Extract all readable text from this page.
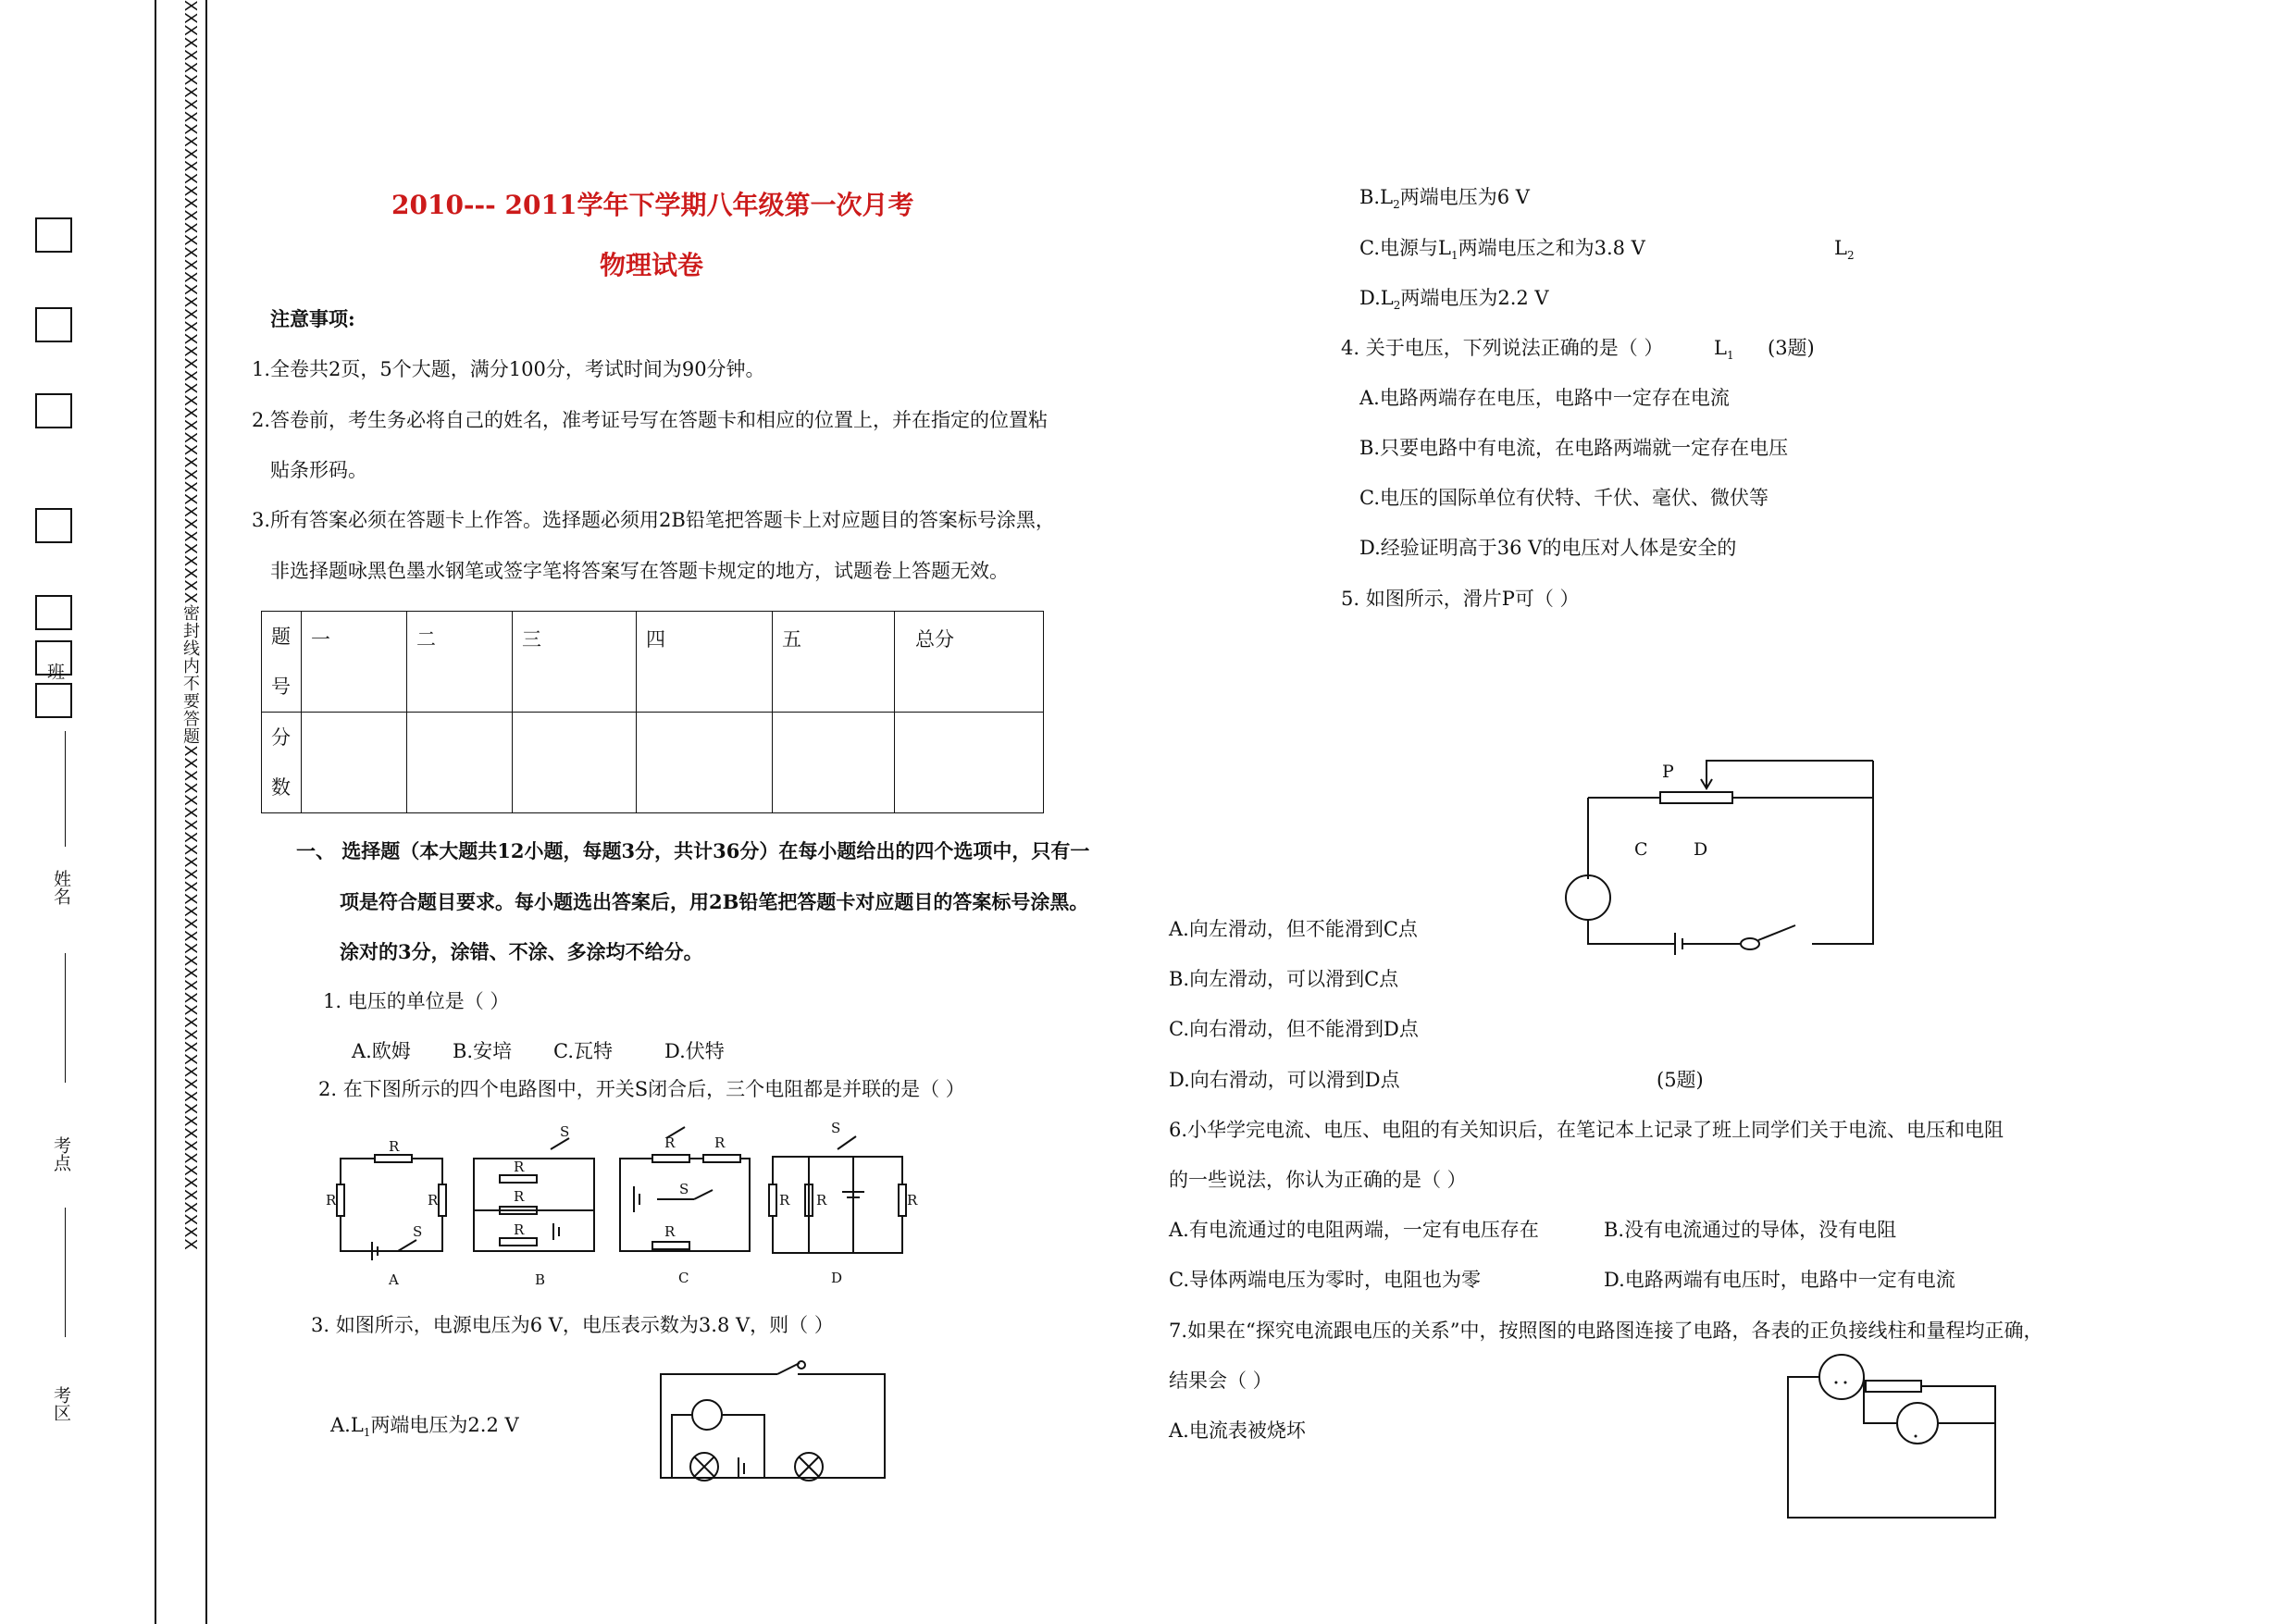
XXXXXXXXXXXXXXXXXXXXXXXXXXXXXXXXXXXXXXXXXXXXXXXXX密封线内不要答题XXXXXXXXXXXXXXXXXXXXXXXXXXXXXXXXXXXXXXXXX
班
姓名
考点
考区
2010--- 2011学年下学期八年级第一次月考
物理试卷
注意事项:
1.全卷共2页，5个大题，满分100分，考试时间为90分钟。
2.答卷前，考生务必将自己的姓名，准考证号写在答题卡和相应的位置上，并在指定的位置粘
贴条形码。
3.所有答案必须在答题卡上作答。选择题必须用2B铅笔把答题卡上对应题目的答案标号涂黑，
非选择题咏黑色墨水钢笔或签字笔将答案写在答题卡规定的地方，试题卷上答题无效。
题
号	一	二	三	四	五	总分
分
数						
一、 选择题（本大题共12小题，每题3分，共计36分）在每小题给出的四个选项中，只有一
项是符合题目要求。每小题选出答案后，用2B铅笔把答题卡对应题目的答案标号涂黑。
涂对的3分，涂错、不涂、多涂均不给分。
1. 电压的单位是（ ）
A.欧姆 B.安培 C.瓦特	D.伏特
2. 在下图所示的四个电路图中，开关S闭合后，三个电阻都是并联的是（ ）
R
R	R
S
R
R
R
S
R	R
S
R
S
R R	R
A	B	C	D
3. 如图所示，电源电压为6 V，电压表示数为3.8 V，则（ ）
$A.L_1$两端电压为2.2 V
$B.L_2$两端电压为6 V
C.电源与$L_1$两端电压之和为3.8 V	$L_2$
$D.L_2$两端电压为2.2 V
4. 关于电压，下列说法正确的是（ ）	$L_1$ (3题)
A.电路两端存在电压，电路中一定存在电流
B.只要电路中有电流，在电路两端就一定存在电压
C.电压的国际单位有伏特、千伏、毫伏、微伏等
D.经验证明高于36 V的电压对人体是安全的
5. 如图所示，滑片P可（ ）
P
C	D
A.向左滑动，但不能滑到C点
B.向左滑动，可以滑到C点
C.向右滑动，但不能滑到D点
D.向右滑动，可以滑到D点	(5题)
6.小华学完电流、电压、电阻的有关知识后，在笔记本上记录了班上同学们关于电流、电压和电阻
的一些说法，你认为正确的是（ ）
A.有电流通过的电阻两端，一定有电压存在	B.没有电流通过的导体，没有电阻
C.导体两端电压为零时，电阻也为零	D.电路两端有电压时，电路中一定有电流
7.如果在“探究电流跟电压的关系”中，按照图的电路图连接了电路，各表的正负接线柱和量程均正确，
结果会（ ）
A.电流表被烧坏
